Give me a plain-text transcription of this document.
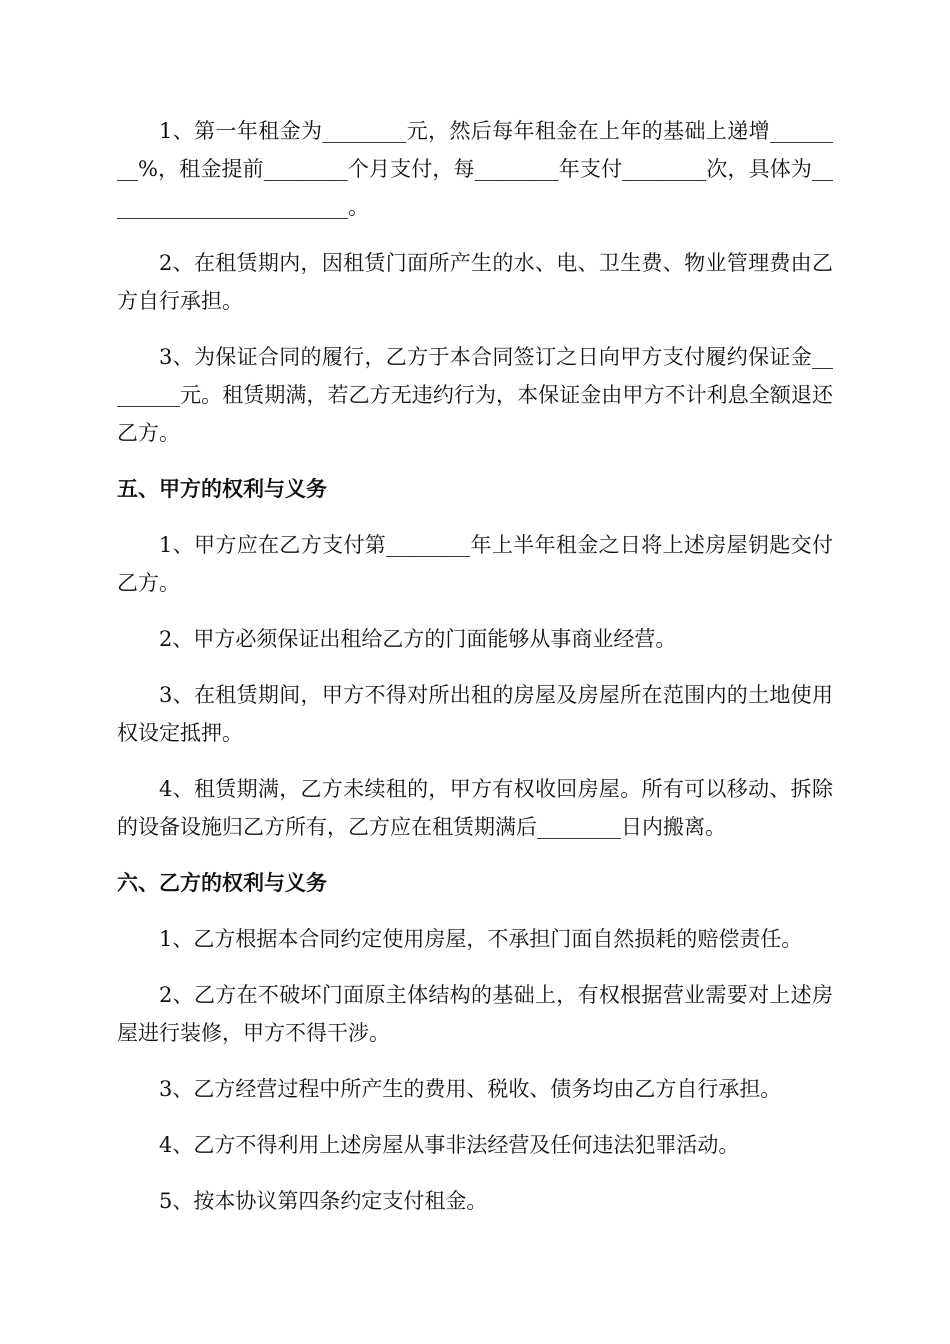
1、第一年租金为________元，然后每年租金在上年的基础上递增________%，租金提前________个月支付，每________年支付________次，具体为________________________。

2、在租赁期内，因租赁门面所产生的水、电、卫生费、物业管理费由乙方自行承担。

3、为保证合同的履行，乙方于本合同签订之日向甲方支付履约保证金________元。租赁期满，若乙方无违约行为，本保证金由甲方不计利息全额退还乙方。

五、甲方的权利与义务

1、甲方应在乙方支付第________年上半年租金之日将上述房屋钥匙交付乙方。

2、甲方必须保证出租给乙方的门面能够从事商业经营。

3、在租赁期间，甲方不得对所出租的房屋及房屋所在范围内的土地使用权设定抵押。

4、租赁期满，乙方未续租的，甲方有权收回房屋。所有可以移动、拆除的设备设施归乙方所有，乙方应在租赁期满后________日内搬离。

六、乙方的权利与义务

1、乙方根据本合同约定使用房屋，不承担门面自然损耗的赔偿责任。

2、乙方在不破坏门面原主体结构的基础上，有权根据营业需要对上述房屋进行装修，甲方不得干涉。

3、乙方经营过程中所产生的费用、税收、债务均由乙方自行承担。

4、乙方不得利用上述房屋从事非法经营及任何违法犯罪活动。

5、按本协议第四条约定支付租金。
